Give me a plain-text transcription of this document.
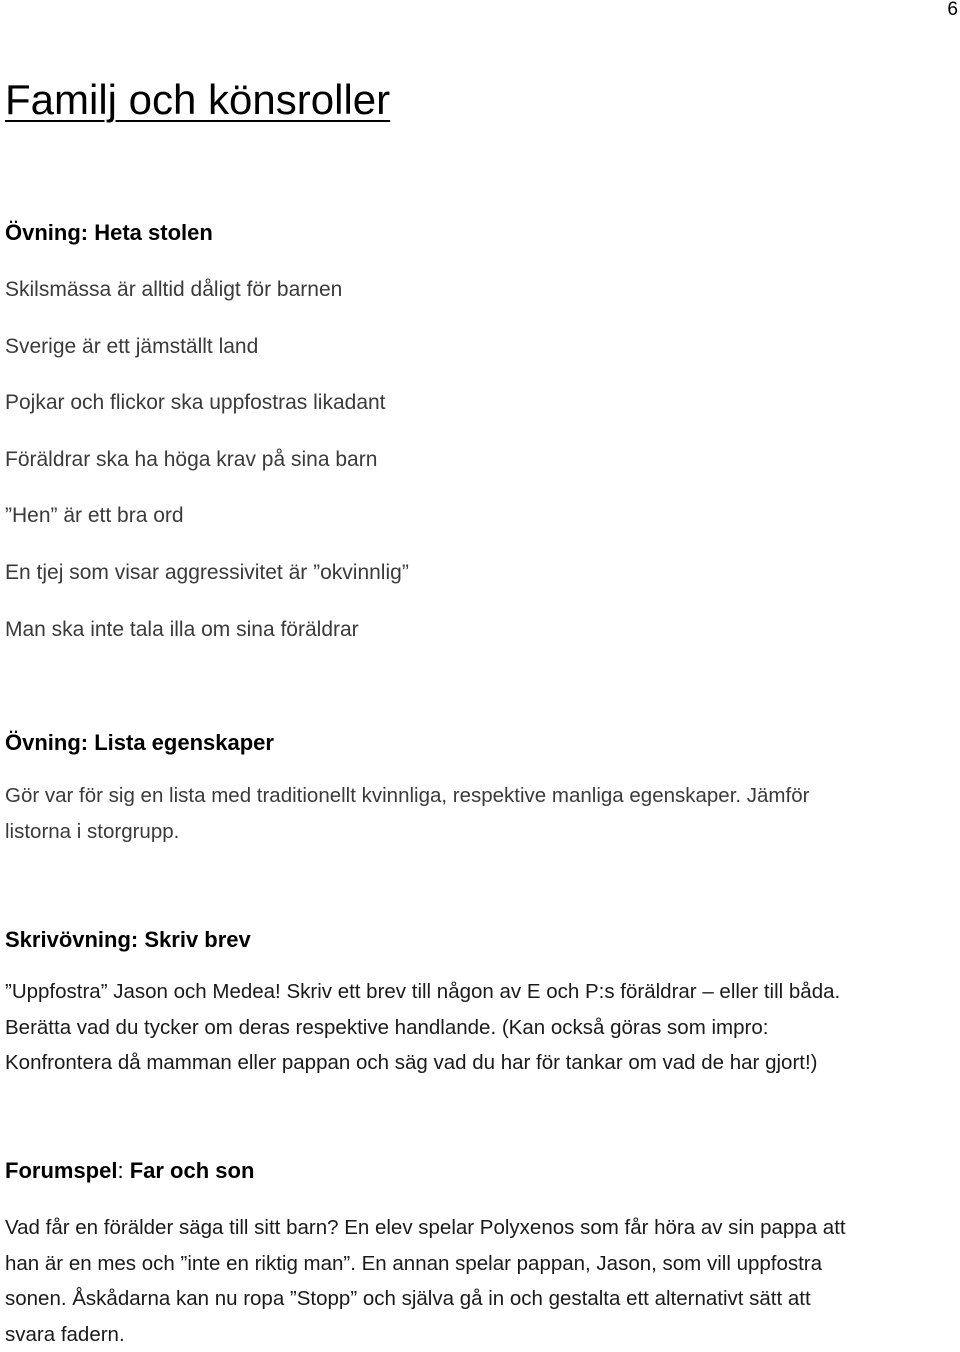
6
Familj och könsroller
Övning: Heta stolen
Skilsmässa är alltid dåligt för barnen
Sverige är ett jämställt land
Pojkar och flickor ska uppfostras likadant
Föräldrar ska ha höga krav på sina barn
”Hen” är ett bra ord
En tjej som visar aggressivitet är ”okvinnlig”
Man ska inte tala illa om sina föräldrar
Övning: Lista egenskaper

Gör var för sig en lista med traditionellt kvinnliga, respektive manliga egenskaper. Jämför
listorna i storgrupp.

Skrivövning: Skriv brev

”Uppfostra” Jason och Medea! Skriv ett brev till någon av E och P:s föräldrar – eller till båda.
Berätta vad du tycker om deras respektive handlande. (Kan också göras som impro:
Konfrontera då mamman eller pappan och säg vad du har för tankar om vad de har gjort!)

Forumspel: Far och son

Vad får en förälder säga till sitt barn? En elev spelar Polyxenos som får höra av sin pappa att
han är en mes och ”inte en riktig man”. En annan spelar pappan, Jason, som vill uppfostra
sonen. Åskådarna kan nu ropa ”Stopp” och själva gå in och gestalta ett alternativt sätt att
svara fadern.
